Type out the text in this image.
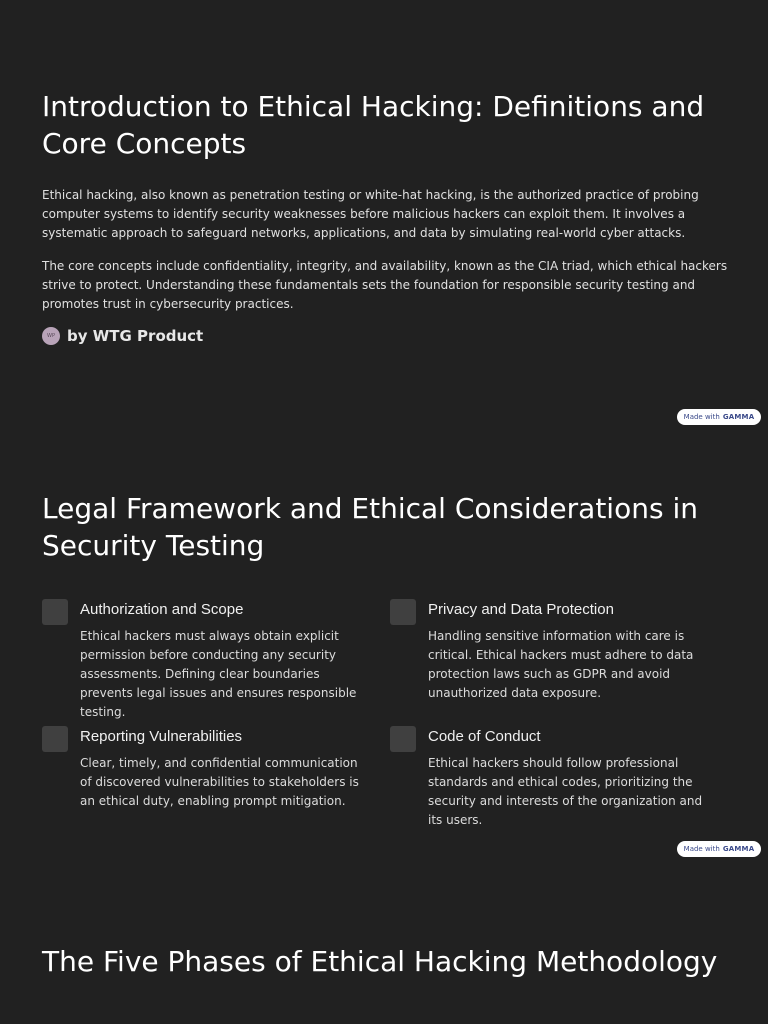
Introduction to Ethical Hacking: Definitions and Core Concepts

Ethical hacking, also known as penetration testing or white-hat hacking, is the authorized practice of probing computer systems to identify security weaknesses before malicious hackers can exploit them. It involves a systematic approach to safeguard networks, applications, and data by simulating real-world cyber attacks.

The core concepts include confidentiality, integrity, and availability, known as the CIA triad, which ethical hackers strive to protect. Understanding these fundamentals sets the foundation for responsible security testing and promotes trust in cybersecurity practices.

WP by WTG Product
Made with GAMMA
Legal Framework and Ethical Considerations in Security Testing
Authorization and Scope
Ethical hackers must always obtain explicit permission before conducting any security assessments. Defining clear boundaries prevents legal issues and ensures responsible testing.
Privacy and Data Protection
Handling sensitive information with care is critical. Ethical hackers must adhere to data protection laws such as GDPR and avoid unauthorized data exposure.
Reporting Vulnerabilities
Clear, timely, and confidential communication of discovered vulnerabilities to stakeholders is an ethical duty, enabling prompt mitigation.
Code of Conduct
Ethical hackers should follow professional standards and ethical codes, prioritizing the security and interests of the organization and its users.
Made with GAMMA
The Five Phases of Ethical Hacking Methodology
